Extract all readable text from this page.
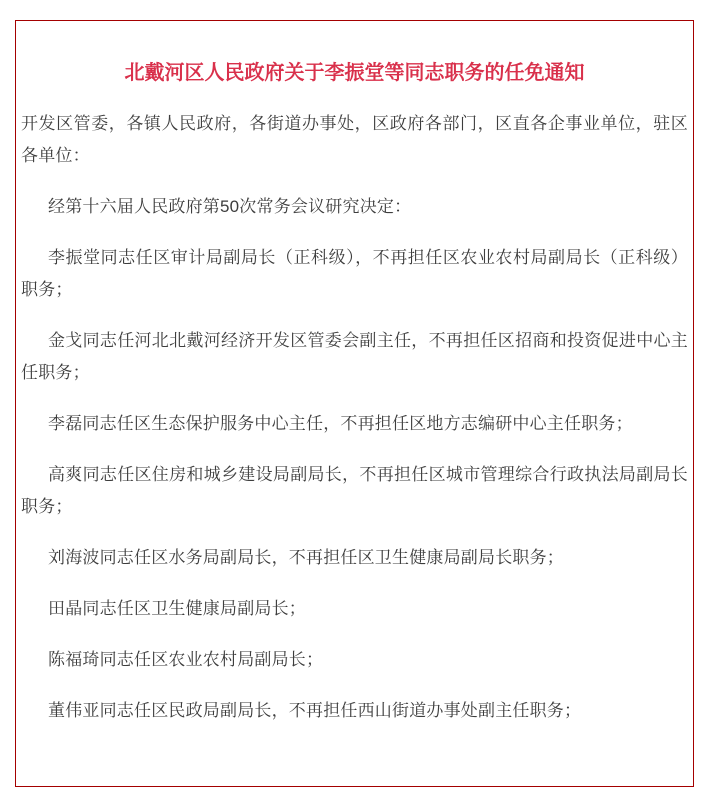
北戴河区人民政府关于李振堂等同志职务的任免通知

开发区管委，各镇人民政府，各街道办事处，区政府各部门，区直各企事业单位，驻区各单位：

经第十六届人民政府第50次常务会议研究决定：

李振堂同志任区审计局副局长（正科级），不再担任区农业农村局副局长（正科级）职务；

金戈同志任河北北戴河经济开发区管委会副主任，不再担任区招商和投资促进中心主任职务；

李磊同志任区生态保护服务中心主任，不再担任区地方志编研中心主任职务；

高爽同志任区住房和城乡建设局副局长，不再担任区城市管理综合行政执法局副局长职务；

刘海波同志任区水务局副局长，不再担任区卫生健康局副局长职务；

田晶同志任区卫生健康局副局长；

陈福琦同志任区农业农村局副局长；

董伟亚同志任区民政局副局长，不再担任西山街道办事处副主任职务；
